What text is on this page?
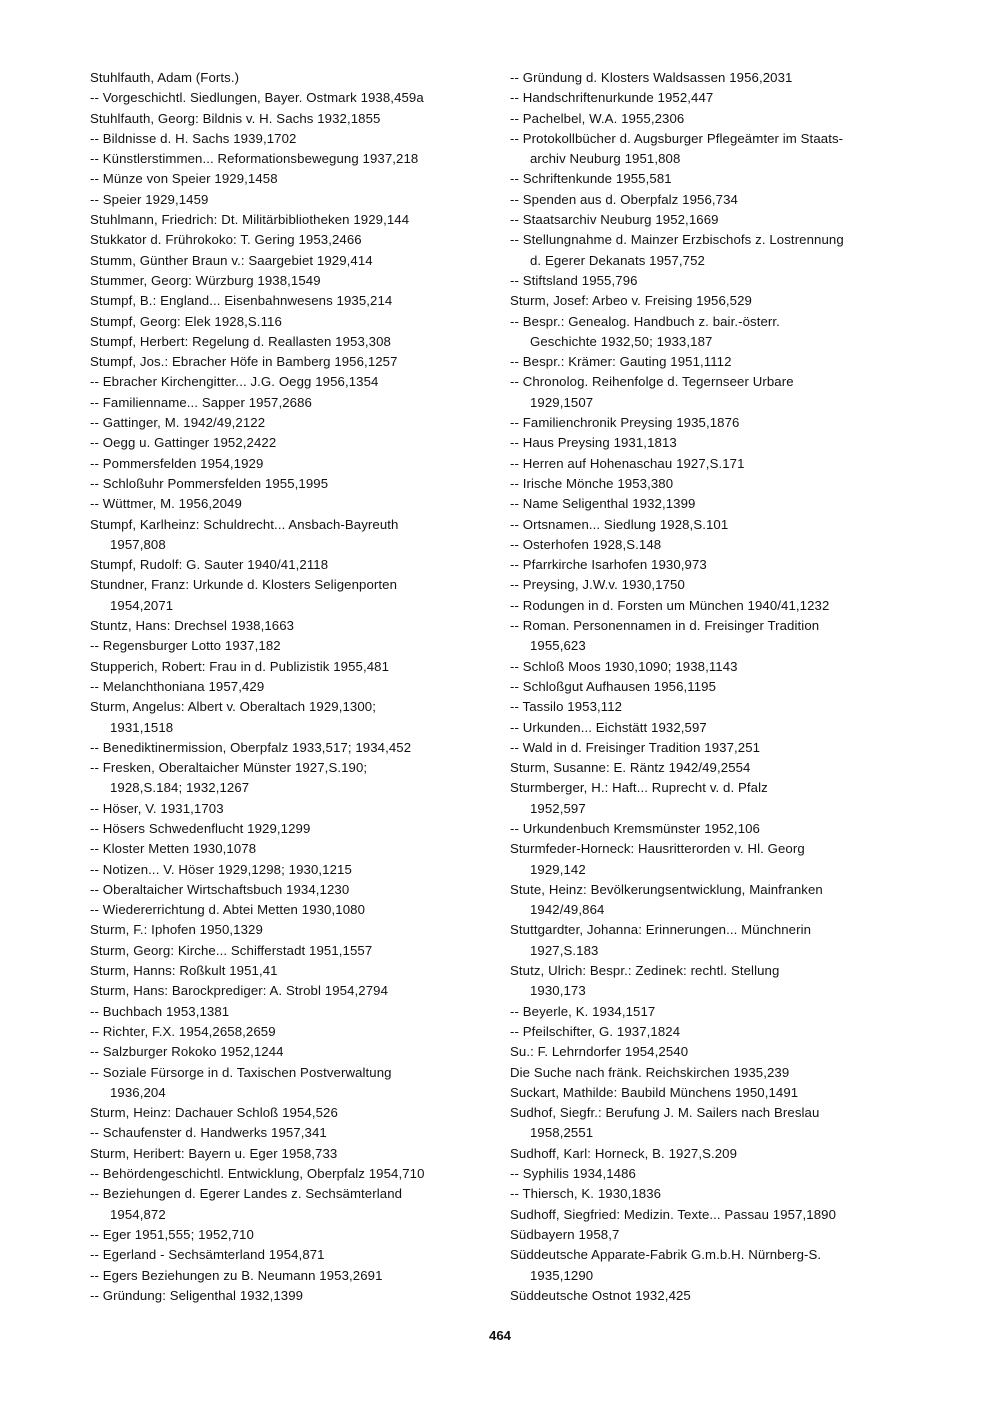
Stuhlfauth, Adam (Forts.)
-- Vorgeschichtl. Siedlungen, Bayer. Ostmark 1938,459a
Stuhlfauth, Georg: Bildnis v. H. Sachs 1932,1855
-- Bildnisse d. H. Sachs 1939,1702
-- Künstlerstimmen... Reformationsbewegung 1937,218
-- Münze von Speier 1929,1458
-- Speier 1929,1459
Stuhlmann, Friedrich: Dt. Militärbibliotheken 1929,144
Stukkator d. Frührokoko: T. Gering 1953,2466
Stumm, Günther Braun v.: Saargebiet 1929,414
Stummer, Georg: Würzburg 1938,1549
Stumpf, B.: England... Eisenbahnwesens 1935,214
Stumpf, Georg: Elek 1928,S.116
Stumpf, Herbert: Regelung d. Reallasten 1953,308
Stumpf, Jos.: Ebracher Höfe in Bamberg 1956,1257
-- Ebracher Kirchengitter... J.G. Oegg 1956,1354
-- Familienname... Sapper 1957,2686
-- Gattinger, M. 1942/49,2122
-- Oegg u. Gattinger 1952,2422
-- Pommersfelden 1954,1929
-- Schloßuhr Pommersfelden 1955,1995
-- Wüttmer, M. 1956,2049
Stumpf, Karlheinz: Schuldrecht... Ansbach-Bayreuth
1957,808
Stumpf, Rudolf: G. Sauter 1940/41,2118
Stundner, Franz: Urkunde d. Klosters Seligenporten
1954,2071
Stuntz, Hans: Drechsel 1938,1663
-- Regensburger Lotto 1937,182
Stupperich, Robert: Frau in d. Publizistik 1955,481
-- Melanchthoniana 1957,429
Sturm, Angelus: Albert v. Oberaltach 1929,1300;
1931,1518
-- Benediktinermission, Oberpfalz 1933,517; 1934,452
-- Fresken, Oberaltaicher Münster 1927,S.190;
1928,S.184; 1932,1267
-- Höser, V. 1931,1703
-- Hösers Schwedenflucht 1929,1299
-- Kloster Metten 1930,1078
-- Notizen... V. Höser 1929,1298; 1930,1215
-- Oberaltaicher Wirtschaftsbuch 1934,1230
-- Wiedererrichtung d. Abtei Metten 1930,1080
Sturm, F.: Iphofen 1950,1329
Sturm, Georg: Kirche... Schifferstadt 1951,1557
Sturm, Hanns: Roßkult 1951,41
Sturm, Hans: Barockprediger: A. Strobl 1954,2794
-- Buchbach 1953,1381
-- Richter, F.X. 1954,2658,2659
-- Salzburger Rokoko 1952,1244
-- Soziale Fürsorge in d. Taxischen Postverwaltung
1936,204
Sturm, Heinz: Dachauer Schloß 1954,526
-- Schaufenster d. Handwerks 1957,341
Sturm, Heribert: Bayern u. Eger 1958,733
-- Behördengeschichtl. Entwicklung, Oberpfalz 1954,710
-- Beziehungen d. Egerer Landes z. Sechsämterland
1954,872
-- Eger 1951,555; 1952,710
-- Egerland - Sechsämterland 1954,871
-- Egers Beziehungen zu B. Neumann 1953,2691
-- Gründung: Seligenthal 1932,1399
-- Gründung d. Klosters Waldsassen 1956,2031
-- Handschriftenurkunde 1952,447
-- Pachelbel, W.A. 1955,2306
-- Protokollbücher d. Augsburger Pflegeämter im Staats-
archiv Neuburg 1951,808
-- Schriftenkunde 1955,581
-- Spenden aus d. Oberpfalz 1956,734
-- Staatsarchiv Neuburg 1952,1669
-- Stellungnahme d. Mainzer Erzbischofs z. Lostrennung
d. Egerer Dekanats 1957,752
-- Stiftsland 1955,796
Sturm, Josef: Arbeo v. Freising 1956,529
-- Bespr.: Genealog. Handbuch z. bair.-österr.
Geschichte 1932,50; 1933,187
-- Bespr.: Krämer: Gauting 1951,1112
-- Chronolog. Reihenfolge d. Tegernseer Urbare
1929,1507
-- Familienchronik Preysing 1935,1876
-- Haus Preysing 1931,1813
-- Herren auf Hohenaschau 1927,S.171
-- Irische Mönche 1953,380
-- Name Seligenthal 1932,1399
-- Ortsnamen... Siedlung 1928,S.101
-- Osterhofen 1928,S.148
-- Pfarrkirche Isarhofen 1930,973
-- Preysing, J.W.v. 1930,1750
-- Rodungen in d. Forsten um München 1940/41,1232
-- Roman. Personennamen in d. Freisinger Tradition
1955,623
-- Schloß Moos 1930,1090; 1938,1143
-- Schloßgut Aufhausen 1956,1195
-- Tassilo 1953,112
-- Urkunden... Eichstätt 1932,597
-- Wald in d. Freisinger Tradition 1937,251
Sturm, Susanne: E. Räntz 1942/49,2554
Sturmberger, H.: Haft... Ruprecht v. d. Pfalz
1952,597
-- Urkundenbuch Kremsmünster 1952,106
Sturmfeder-Horneck: Hausritterorden v. Hl. Georg
1929,142
Stute, Heinz: Bevölkerungsentwicklung, Mainfranken
1942/49,864
Stuttgardter, Johanna: Erinnerungen... Münchnerin
1927,S.183
Stutz, Ulrich: Bespr.: Zedinek: rechtl. Stellung
1930,173
-- Beyerle, K. 1934,1517
-- Pfeilschifter, G. 1937,1824
Su.: F. Lehrndorfer 1954,2540
Die Suche nach fränk. Reichskirchen 1935,239
Suckart, Mathilde: Baubild Münchens 1950,1491
Sudhof, Siegfr.: Berufung J. M. Sailers nach Breslau
1958,2551
Sudhoff, Karl: Horneck, B. 1927,S.209
-- Syphilis 1934,1486
-- Thiersch, K. 1930,1836
Sudhoff, Siegfried: Medizin. Texte... Passau 1957,1890
Südbayern 1958,7
Süddeutsche Apparate-Fabrik G.m.b.H. Nürnberg-S.
1935,1290
Süddeutsche Ostnot 1932,425
464
